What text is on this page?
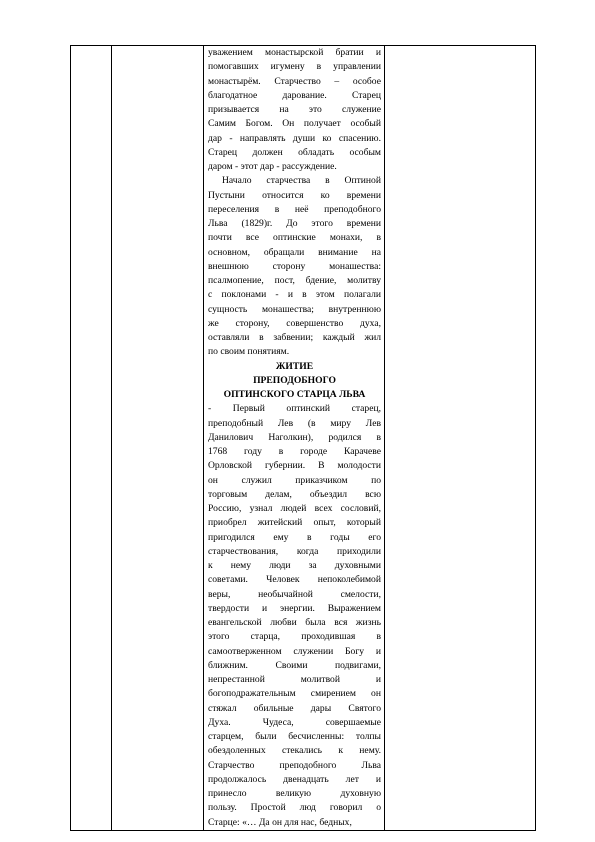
уважением монастырской братии и
помогавших игумену в управлении
монастырём. Старчество – особое
благодатное дарование. Старец
призывается на это служение
Самим Богом. Он получает особый
дар - направлять души ко спасению.
Старец должен обладать особым
даром - этот дар - рассуждение.
Начало старчества в Оптиной
Пустыни относится ко времени
переселения в неё преподобного
Льва (1829)г. До этого времени
почти все оптинские монахи, в
основном, обращали внимание на
внешнюю сторону монашества:
псалмопение, пост, бдение, молитву
с поклонами - и в этом полагали
сущность монашества; внутреннюю
же сторону, совершенство духа,
оставляли в забвении; каждый жил
по своим понятиям.
ЖИТИЕ
ПРЕПОДОБНОГО
ОПТИНСКОГО СТАРЦА ЛЬВА
- Первый оптинский старец,
преподобный Лев (в миру Лев
Данилович Наголкин), родился в
1768 году в городе Карачеве
Орловской губернии. В молодости
он служил приказчиком по
торговым делам, объездил всю
Россию, узнал людей всех сословий,
приобрел житейский опыт, который
пригодился ему в годы его
старчествования, когда приходили
к нему люди за духовными
советами. Человек непоколебимой
веры, необычайной смелости,
твердости и энергии. Выражением
евангельской любви была вся жизнь
этого старца, проходившая в
самоотверженном служении Богу и
ближним. Своими подвигами,
непрестанной молитвой и
богоподражательным смирением он
стяжал обильные дары Святого
Духа. Чудеса, совершаемые
старцем, были бесчисленны: толпы
обездоленных стекались к нему.
Старчество преподобного Льва
продолжалось двенадцать лет и
принесло великую духовную
пользу. Простой люд говорил о
Старце: «… Да он для нас, бедных,
